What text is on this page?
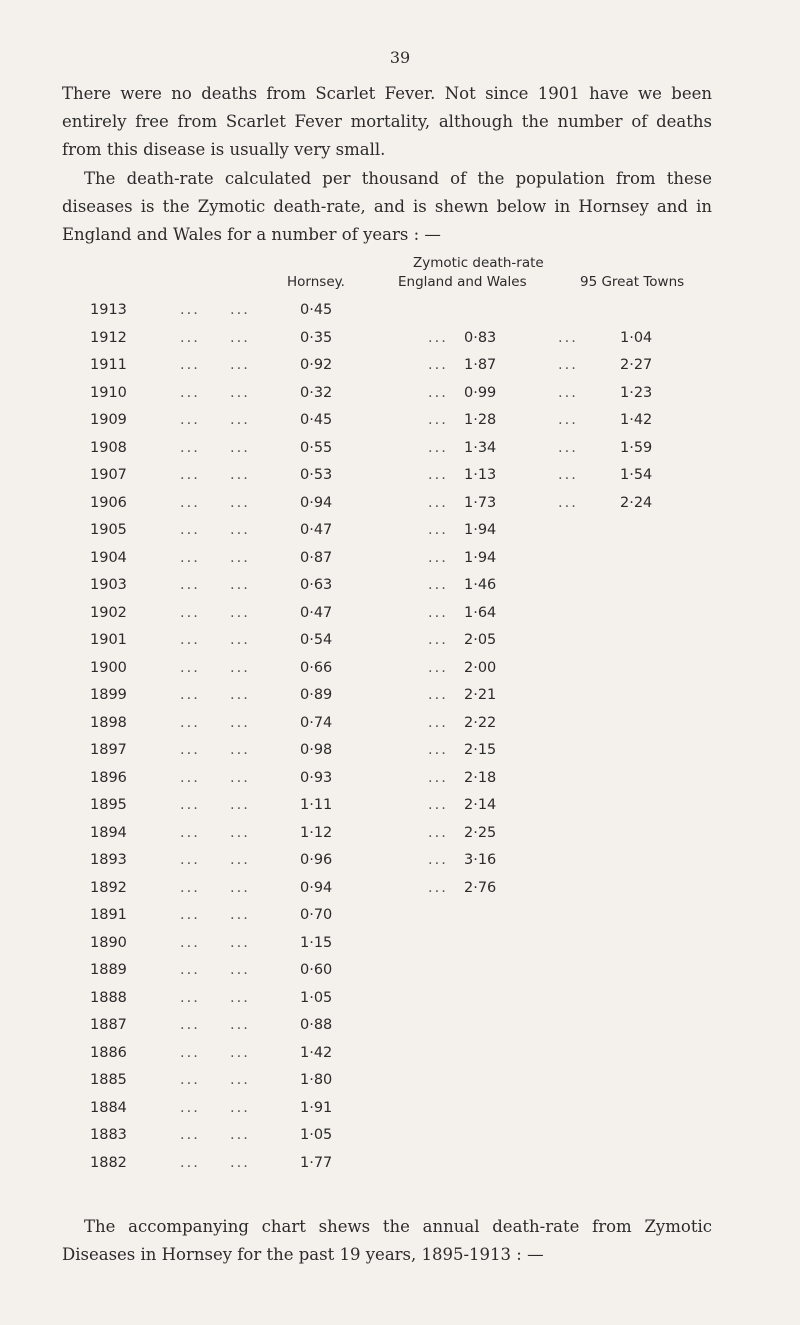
39

There were no deaths from Scarlet Fever. Not since 1901 have we been entirely free from Scarlet Fever mortality, although the number of deaths from this disease is usually very small.

The death-rate calculated per thousand of the population from these diseases is the Zymotic death-rate, and is shewn below in Hornsey and in England and Wales for a number of years : —

Zymotic death-rate
Hornsey.	England and Wales	95 Great Towns
1913	... ...	0·45
1912	... ...	0·35	... 0·83	...	1·04
1911	... ...	0·92	... 1·87	...	2·27
1910	... ...	0·32	... 0·99	...	1·23
1909	... ...	0·45	... 1·28	...	1·42
1908	... ...	0·55	... 1·34	...	1·59
1907	... ...	0·53	... 1·13	...	1·54
1906	... ...	0·94	... 1·73	...	2·24
1905	... ...	0·47	... 1·94
1904	... ...	0·87	... 1·94
1903	... ...	0·63	... 1·46
1902	... ...	0·47	... 1·64
1901	... ...	0·54	... 2·05
1900	... ...	0·66	... 2·00
1899	... ...	0·89	... 2·21
1898	... ...	0·74	... 2·22
1897	... ...	0·98	... 2·15
1896	... ...	0·93	... 2·18
1895	... ...	1·11	... 2·14
1894	... ...	1·12	... 2·25
1893	... ...	0·96	... 3·16
1892	... ...	0·94	... 2·76
1891	... ...	0·70
1890	... ...	1·15
1889	... ...	0·60
1888	... ...	1·05
1887	... ...	0·88
1886	... ...	1·42
1885	... ...	1·80
1884	... ...	1·91
1883	... ...	1·05
1882	... ...	1·77

The accompanying chart shews the annual death-rate from Zymotic Diseases in Hornsey for the past 19 years, 1895-1913 : —
